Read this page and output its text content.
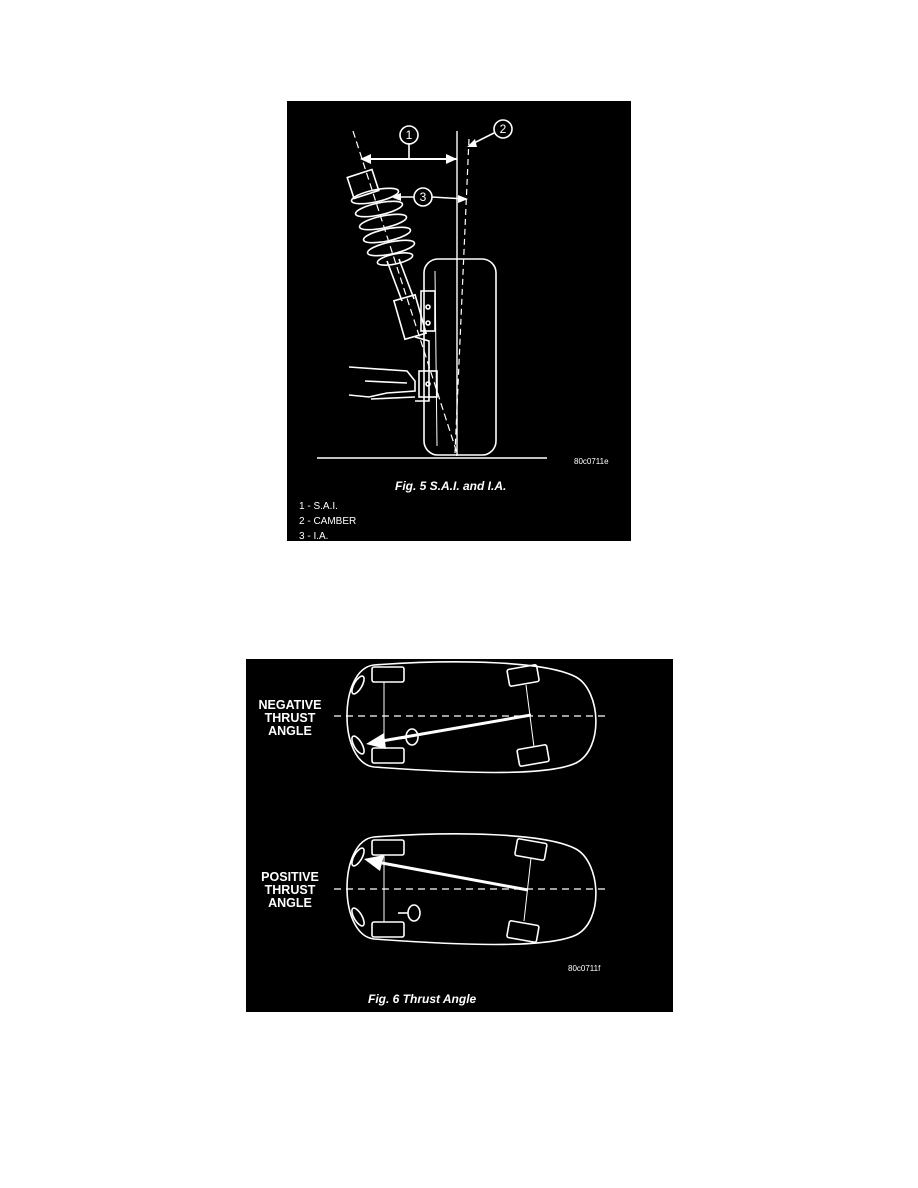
1	2
3
80c0711e
Fig. 5 S.A.I. and I.A.
1 - S.A.I.
2 - CAMBER
3 - I.A.
NEGATIVE
THRUST
ANGLE
POSITIVE
THRUST
ANGLE
80c0711f
Fig. 6 Thrust Angle
